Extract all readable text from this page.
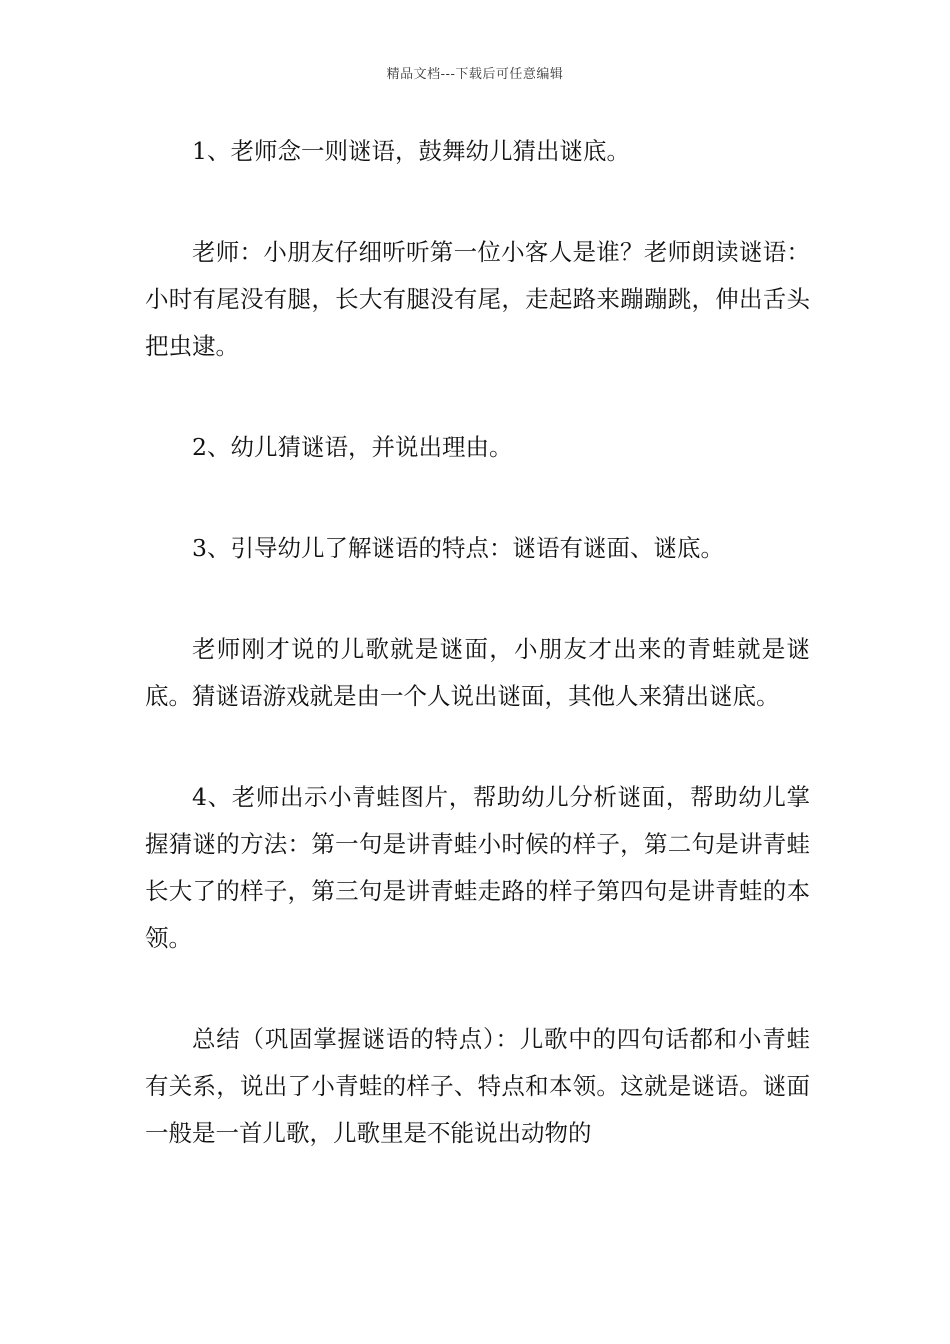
精品文档---下载后可任意编辑

1、老师念一则谜语，鼓舞幼儿猜出谜底。

老师：小朋友仔细听听第一位小客人是谁？老师朗读谜语：小时有尾没有腿，长大有腿没有尾，走起路来蹦蹦跳，伸出舌头把虫逮。

2、幼儿猜谜语，并说出理由。

3、引导幼儿了解谜语的特点：谜语有谜面、谜底。

老师刚才说的儿歌就是谜面，小朋友才出来的青蛙就是谜底。猜谜语游戏就是由一个人说出谜面，其他人来猜出谜底。

4、老师出示小青蛙图片，帮助幼儿分析谜面，帮助幼儿掌握猜谜的方法：第一句是讲青蛙小时候的样子，第二句是讲青蛙长大了的样子，第三句是讲青蛙走路的样子第四句是讲青蛙的本领。

总结（巩固掌握谜语的特点）：儿歌中的四句话都和小青蛙有关系，说出了小青蛙的样子、特点和本领。这就是谜语。谜面一般是一首儿歌，儿歌里是不能说出动物的
